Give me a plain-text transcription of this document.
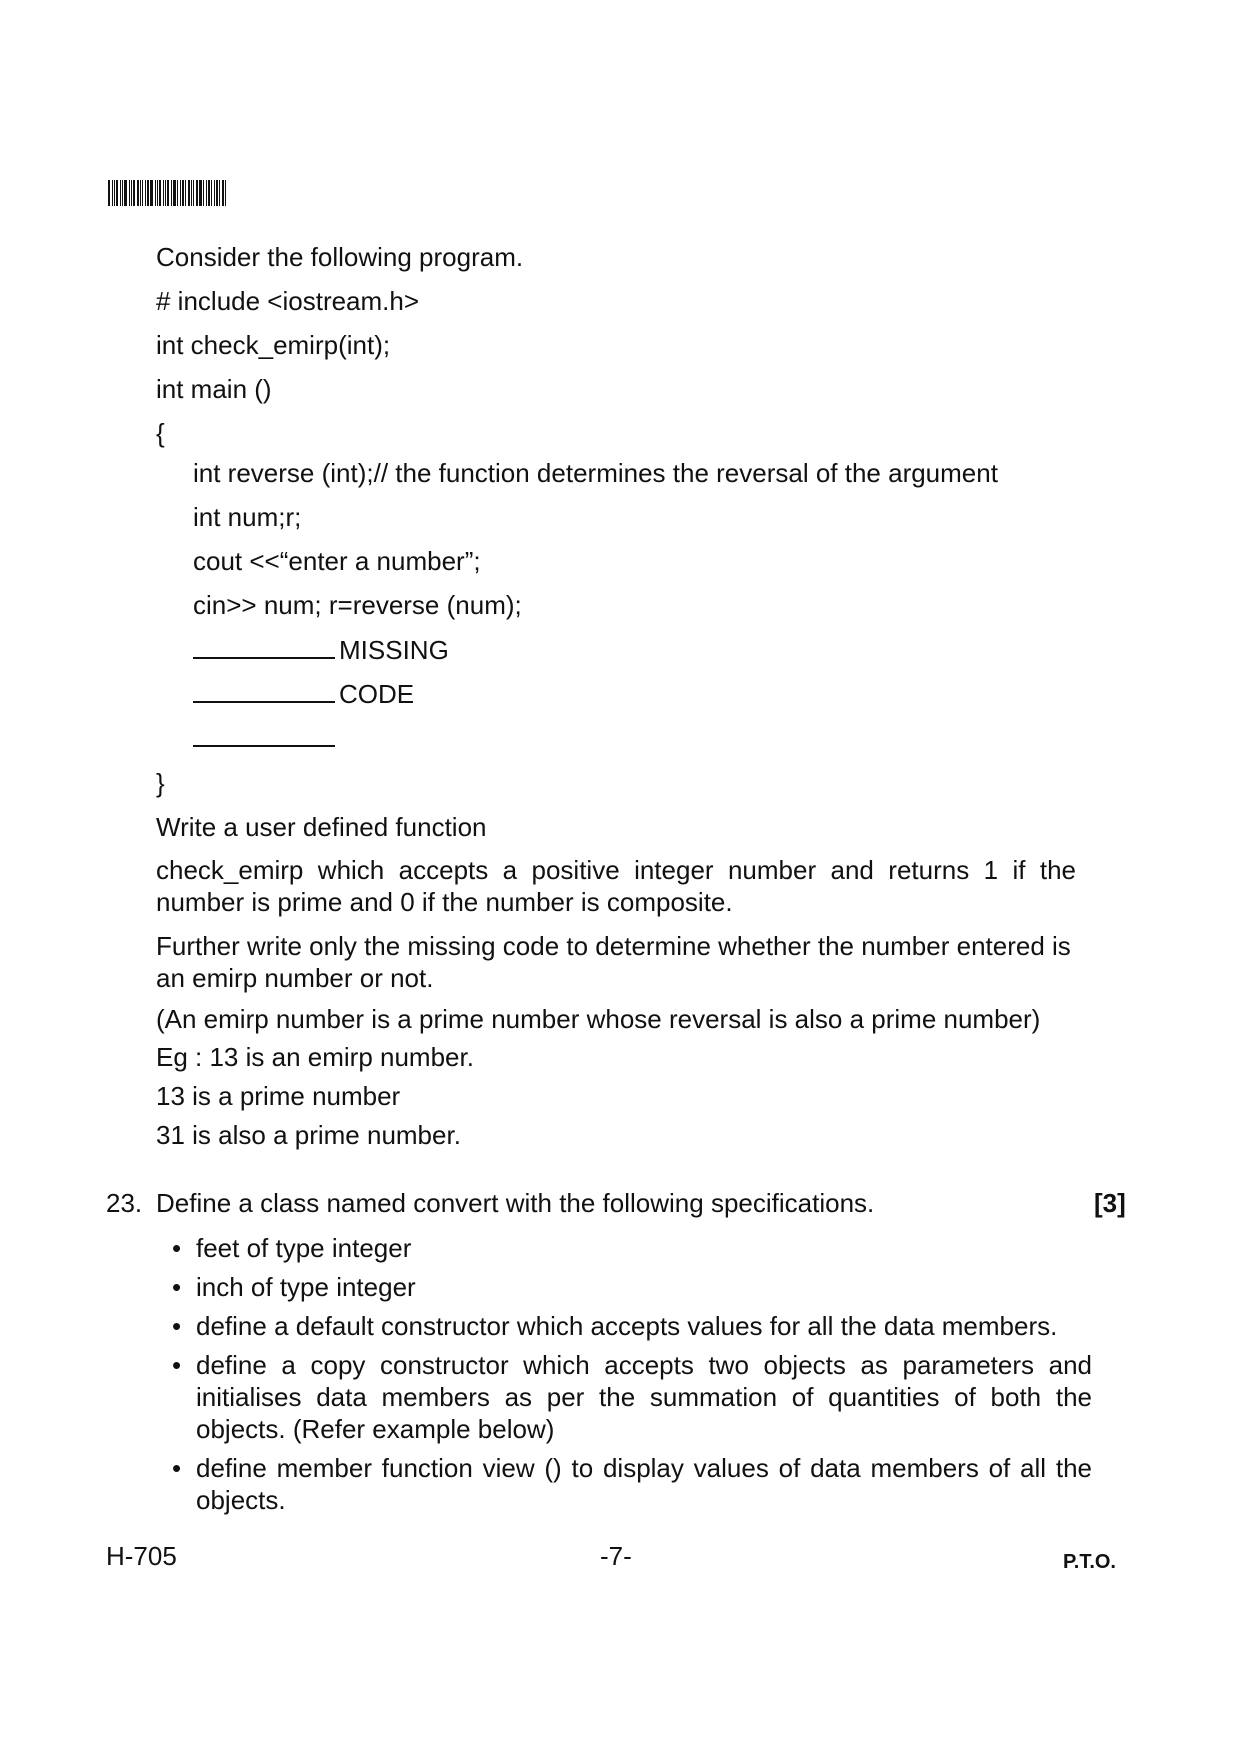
Consider the following program.
# include <iostream.h>
int check_emirp(int);
int main ()
{
int reverse (int);// the function determines the reversal of the argument
int num;r;
cout <<“enter a number”;
cin>> num; r=reverse (num);
MISSING
CODE
}
Write a user defined function
check_emirp which accepts a positive integer number and returns 1 if the number is prime and 0 if the number is composite.
Further write only the missing code to determine whether the number entered is an emirp number or not.
(An emirp number is a prime number whose reversal is also a prime number)
Eg : 13 is an emirp number.
13 is a prime number
31 is also a prime number.
23. Define a class named convert with the following specifications.	[3]
• feet of type integer
• inch of type integer
• define a default constructor which accepts values for all the data members.
• define a copy constructor which accepts two objects as parameters and initialises data members as per the summation of quantities of both the objects. (Refer example below)
• define member function view () to display values of data members of all the objects.
H-705	-7-	P.T.O.
